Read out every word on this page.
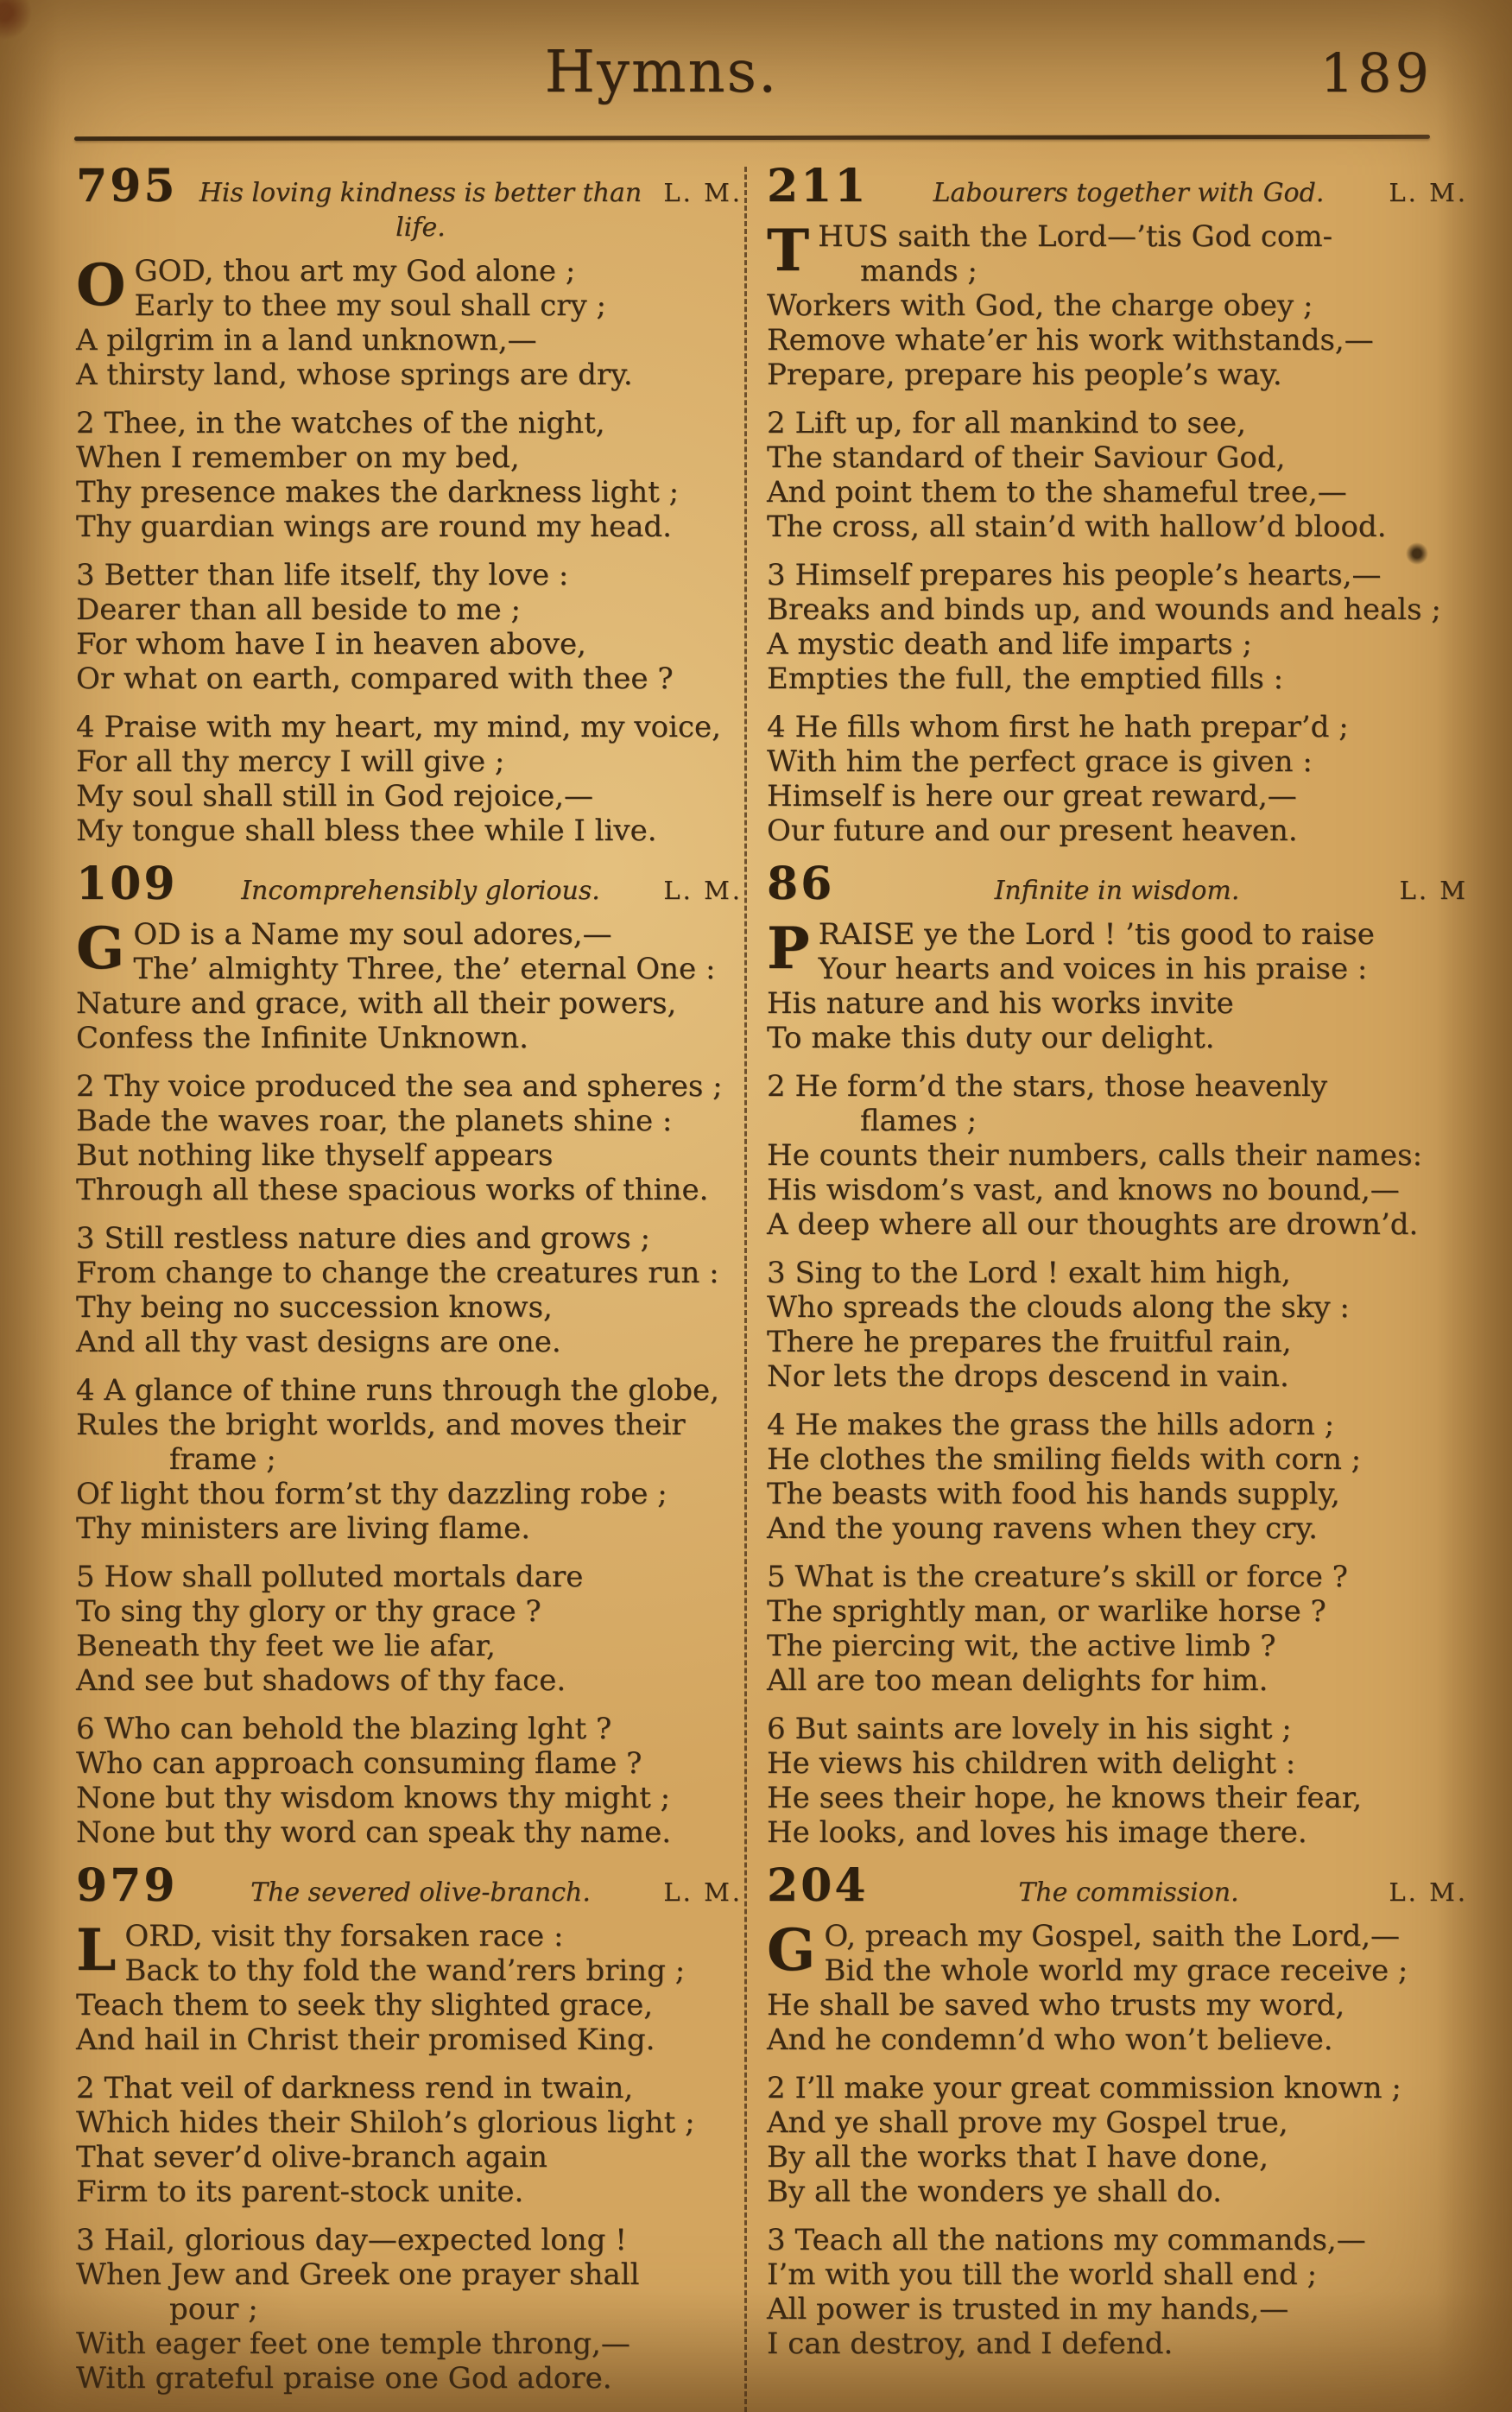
Hymns.	189
795 His loving kindness is better than life.
L. M.
O GOD, thou art my God alone ;
Early to thee my soul shall cry ;
A pilgrim in a land unknown,—
A thirsty land, whose springs are dry.
2 Thee, in the watches of the night,
When I remember on my bed,
Thy presence makes the darkness light ;
Thy guardian wings are round my head.
3 Better than life itself, thy love :
Dearer than all beside to me ;
For whom have I in heaven above,
Or what on earth, compared with thee ?
4 Praise with my heart, my mind, my voice,
For all thy mercy I will give ;
My soul shall still in God rejoice,—
My tongue shall bless thee while I live.
109	Incomprehensibly glorious.	L. M.
G OD is a Name my soul adores,—
The’ almighty Three, the’ eternal One :
Nature and grace, with all their powers,
Confess the Infinite Unknown.
2 Thy voice produced the sea and spheres ;
Bade the waves roar, the planets shine :
But nothing like thyself appears
Through all these spacious works of thine.
3 Still restless nature dies and grows ;
From change to change the creatures run :
Thy being no succession knows,
And all thy vast designs are one.
4 A glance of thine runs through the globe,
Rules the bright worlds, and moves their
frame ;
Of light thou form’st thy dazzling robe ;
Thy ministers are living flame.
5 How shall polluted mortals dare
To sing thy glory or thy grace ?
Beneath thy feet we lie afar,
And see but shadows of thy face.
6 Who can behold the blazing lght ?
Who can approach consuming flame ?
None but thy wisdom knows thy might ;
None but thy word can speak thy name.
979	The severed olive-branch.	L. M.
L ORD, visit thy forsaken race :
Back to thy fold the wand’rers bring ;
Teach them to seek thy slighted grace,
And hail in Christ their promised King.
2 That veil of darkness rend in twain,
Which hides their Shiloh’s glorious light ;
That sever’d olive-branch again
Firm to its parent-stock unite.
3 Hail, glorious day—expected long !
When Jew and Greek one prayer shall
pour ;
With eager feet one temple throng,—
With grateful praise one God adore.
211	Labourers together with God.	L. M.
T HUS saith the Lord—’tis God com-
mands ;
Workers with God, the charge obey ;
Remove whate’er his work withstands,—
Prepare, prepare his people’s way.
2 Lift up, for all mankind to see,
The standard of their Saviour God,
And point them to the shameful tree,—
The cross, all stain’d with hallow’d blood.
3 Himself prepares his people’s hearts,—
Breaks and binds up, and wounds and heals ;
A mystic death and life imparts ;
Empties the full, the emptied fills :
4 He fills whom first he hath prepar’d ;
With him the perfect grace is given :
Himself is here our great reward,—
Our future and our present heaven.
86	Infinite in wisdom.	L. M
P RAISE ye the Lord ! ’tis good to raise
Your hearts and voices in his praise :
His nature and his works invite
To make this duty our delight.
2 He form’d the stars, those heavenly
flames ;
He counts their numbers, calls their names:
His wisdom’s vast, and knows no bound,—
A deep where all our thoughts are drown’d.
3 Sing to the Lord ! exalt him high,
Who spreads the clouds along the sky :
There he prepares the fruitful rain,
Nor lets the drops descend in vain.
4 He makes the grass the hills adorn ;
He clothes the smiling fields with corn ;
The beasts with food his hands supply,
And the young ravens when they cry.
5 What is the creature’s skill or force ?
The sprightly man, or warlike horse ?
The piercing wit, the active limb ?
All are too mean delights for him.
6 But saints are lovely in his sight ;
He views his children with delight :
He sees their hope, he knows their fear,
He looks, and loves his image there.
204	The commission.	L. M.
G O, preach my Gospel, saith the Lord,—
Bid the whole world my grace receive ;
He shall be saved who trusts my word,
And he condemn’d who won’t believe.
2 I’ll make your great commission known ;
And ye shall prove my Gospel true,
By all the works that I have done,
By all the wonders ye shall do.
3 Teach all the nations my commands,—
I’m with you till the world shall end ;
All power is trusted in my hands,—
I can destroy, and I defend.
